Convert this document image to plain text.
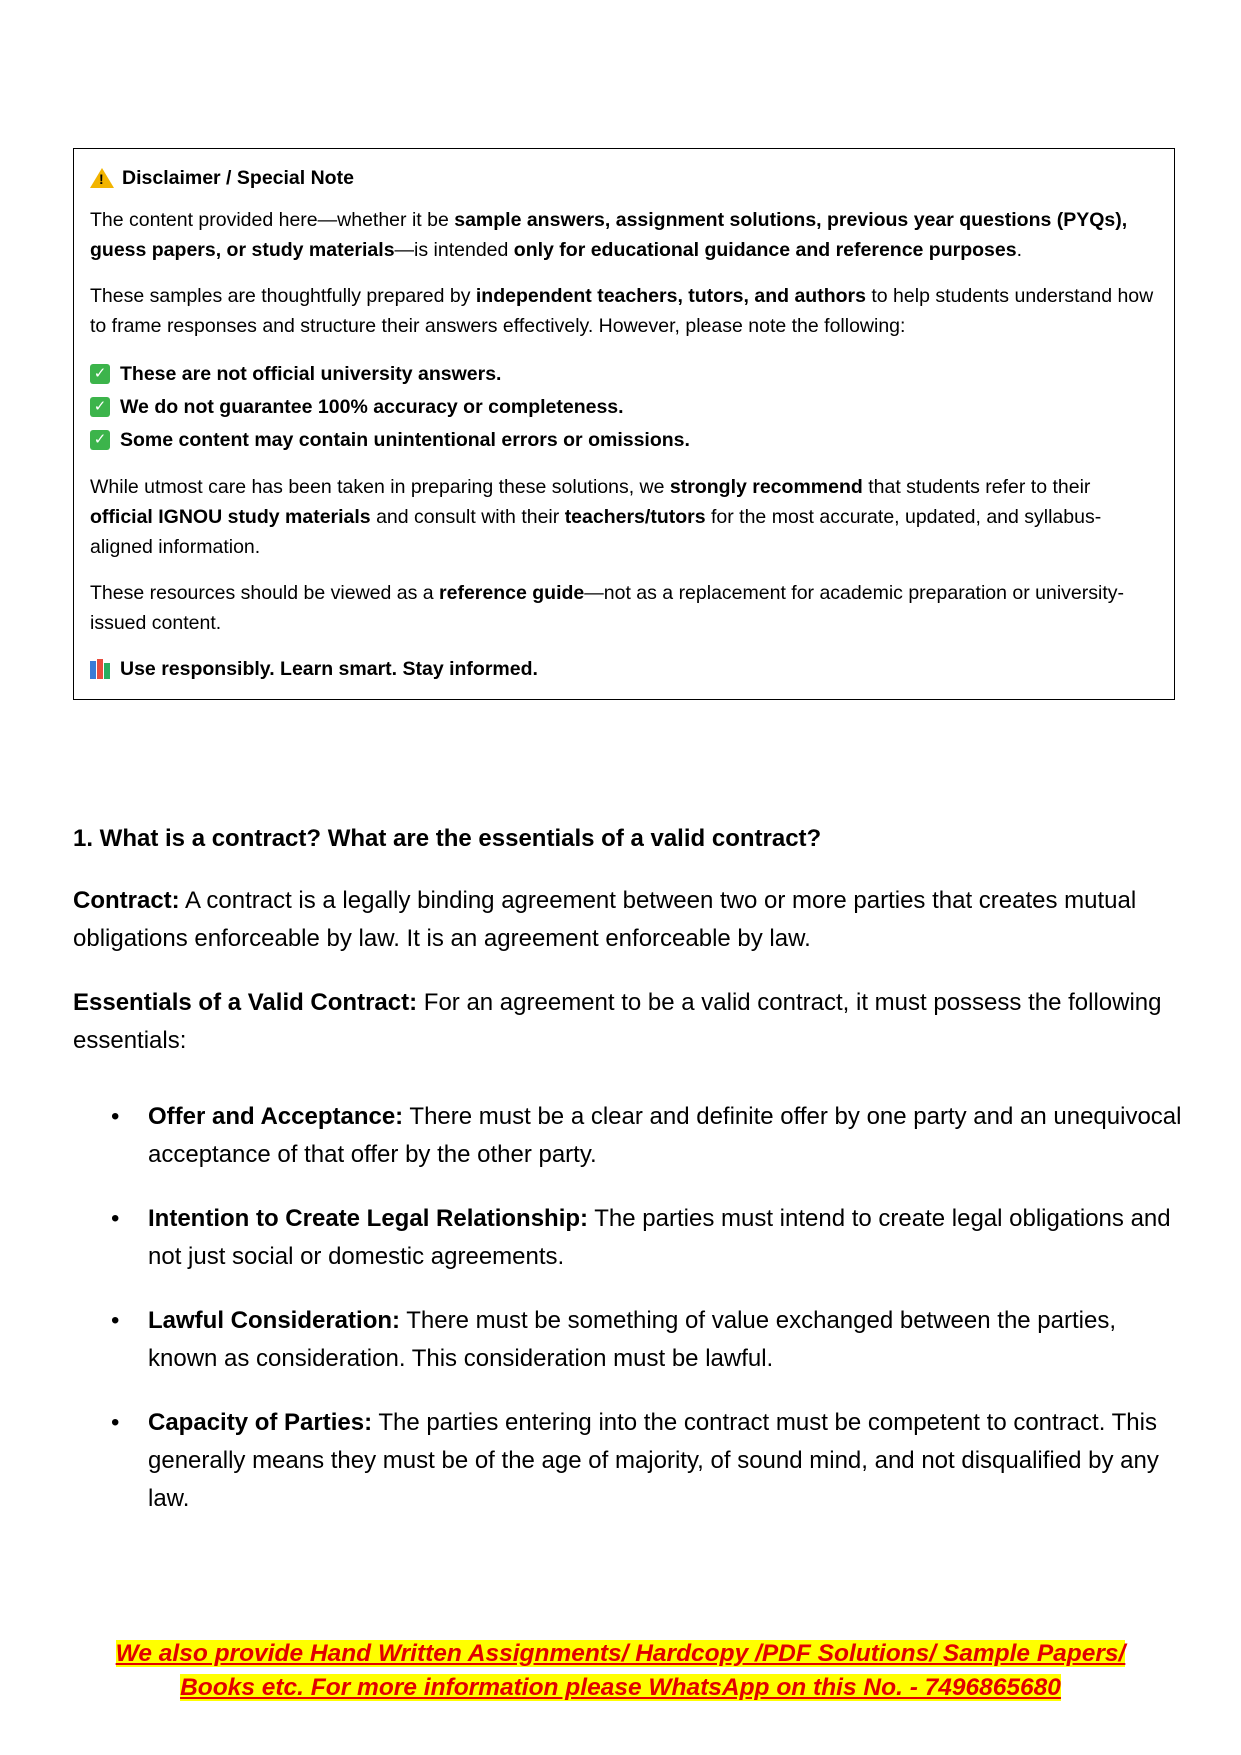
!
Disclaimer / Special Note

The content provided here—whether it be sample answers, assignment solutions, previous year questions (PYQs), guess papers, or study materials—is intended only for educational guidance and reference purposes.

These samples are thoughtfully prepared by independent teachers, tutors, and authors to help students understand how to frame responses and structure their answers effectively. However, please note the following:

✓ These are not official university answers.
✓ We do not guarantee 100% accuracy or completeness.
✓ Some content may contain unintentional errors or omissions.

While utmost care has been taken in preparing these solutions, we strongly recommend that students refer to their official IGNOU study materials and consult with their teachers/tutors for the most accurate, updated, and syllabus-aligned information.

These resources should be viewed as a reference guide—not as a replacement for academic preparation or university-issued content.

Use responsibly. Learn smart. Stay informed.

1. What is a contract? What are the essentials of a valid contract?

Contract: A contract is a legally binding agreement between two or more parties that creates mutual obligations enforceable by law. It is an agreement enforceable by law.

Essentials of a Valid Contract: For an agreement to be a valid contract, it must possess the following essentials:

• Offer and Acceptance: There must be a clear and definite offer by one party and an unequivocal acceptance of that offer by the other party.
• Intention to Create Legal Relationship: The parties must intend to create legal obligations and not just social or domestic agreements.
• Lawful Consideration: There must be something of value exchanged between the parties, known as consideration. This consideration must be lawful.
• Capacity of Parties: The parties entering into the contract must be competent to contract. This generally means they must be of the age of majority, of sound mind, and not disqualified by any law.
We also provide Hand Written Assignments/ Hardcopy /PDF Solutions/ Sample Papers/
Books etc. For more information please WhatsApp on this No. - 7496865680
